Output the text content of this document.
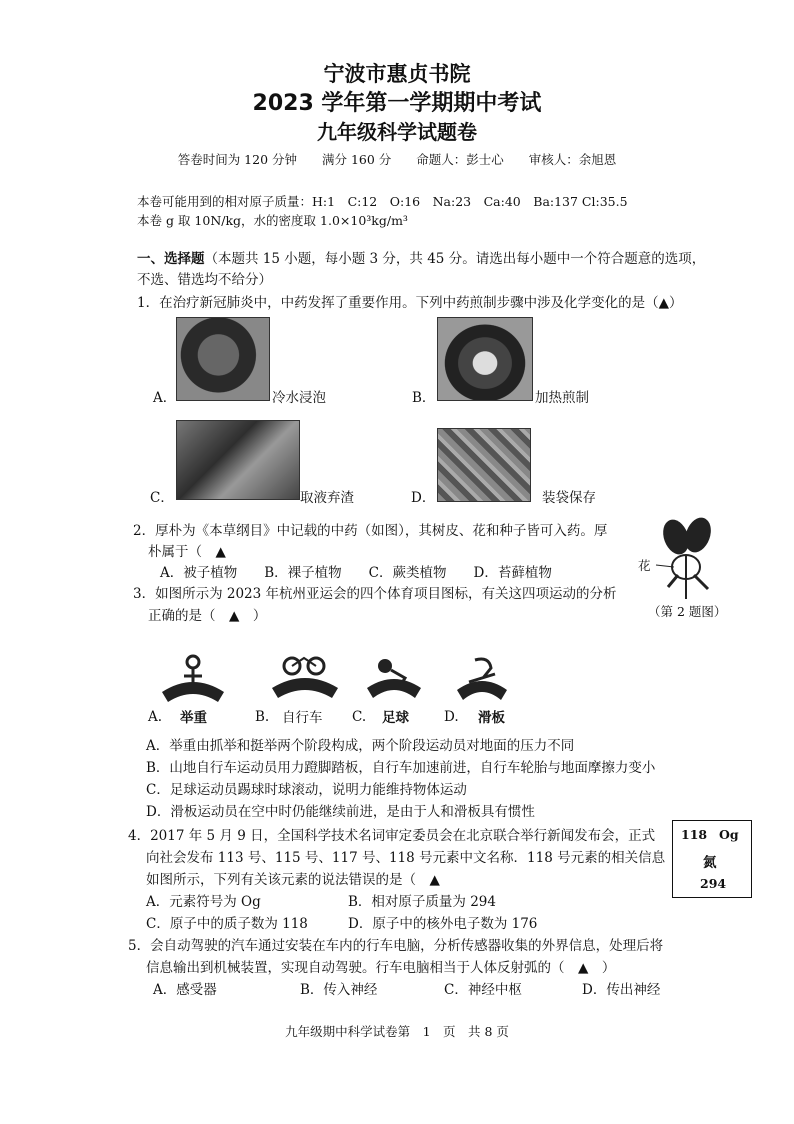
宁波市惠贞书院
2023 学年第一学期期中考试
九年级科学试题卷
答卷时间为 120 分钟　　满分 160 分　　命题人：彭士心　　审核人：余旭恩
本卷可能用到的相对原子质量：H:1　C:12　O:16　Na:23　Ca:40　Ba:137 Cl:35.5
本卷 g 取 10N/kg，水的密度取 1.0×10³kg/m³
一、选择题（本题共 15 小题，每小题 3 分，共 45 分。请选出每小题中一个符合题意的选项，
不选、错选均不给分）
1．在治疗新冠肺炎中，中药发挥了重要作用。下列中药煎制步骤中涉及化学变化的是（▲）
A．	冷水浸泡	B．	加热煎制
C．	取液弃渣	D．	装袋保存
2．厚朴为《本草纲目》中记载的中药（如图），其树皮、花和种子皆可入药。厚
朴属于（　▲
A．被子植物　　B．裸子植物　　C．蕨类植物　　D．苔藓植物	花
（第 2 题图）
3．如图所示为 2023 年杭州亚运会的四个体育项目图标，有关这四项运动的分析
正确的是（　▲　）
A. 举重	B. 自行车 C. 足球	D. 滑板
A．举重由抓举和挺举两个阶段构成，两个阶段运动员对地面的压力不同
B．山地自行车运动员用力蹬脚踏板，自行车加速前进，自行车轮胎与地面摩擦力变小
C．足球运动员踢球时球滚动，说明力能维持物体运动
D．滑板运动员在空中时仍能继续前进，是由于人和滑板具有惯性
4．2017 年 5 月 9 日，全国科学技术名词审定委员会在北京联合举行新闻发布会，正式
向社会发布 113 号、115 号、117 号、118 号元素中文名称．118 号元素的相关信息
如图所示，下列有关该元素的说法错误的是（　▲
A．元素符号为 Og	B．相对原子质量为 294
C．原子中的质子数为 118	D．原子中的核外电子数为 176
118 Og
氮
294
5．会自动驾驶的汽车通过安装在车内的行车电脑，分析传感器收集的外界信息，处理后将
信息输出到机械装置，实现自动驾驶。行车电脑相当于人体反射弧的（　▲　）
A．感受器	B．传入神经	C．神经中枢	D．传出神经
九年级期中科学试卷第　1　页　共 8 页
